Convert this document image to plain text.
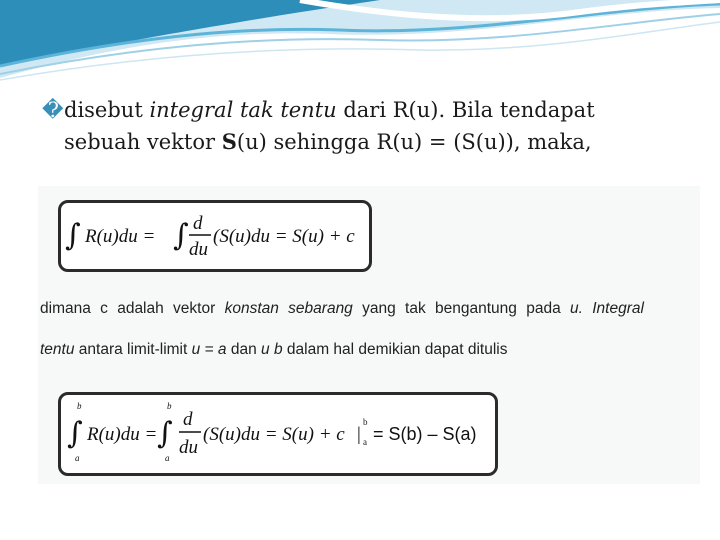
�disebut integral tak tentu dari R(u). Bila tendapat
sebuah vektor S(u) sehingga R(u) = (S(u)), maka,
∫ R(u)du = ∫ d
du
(S(u)du = S(u) + c
dimana c adalah vektor konstan sebarang yang tak bengantung pada u. Integral
tentu antara limit-limit u = a dan u b dalam hal demikian dapat ditulis
b
∫
a
R(u)du =
b
∫
a
d
du
(S(u)du = S(u) + c |
b
a = S(b) – S(a)
